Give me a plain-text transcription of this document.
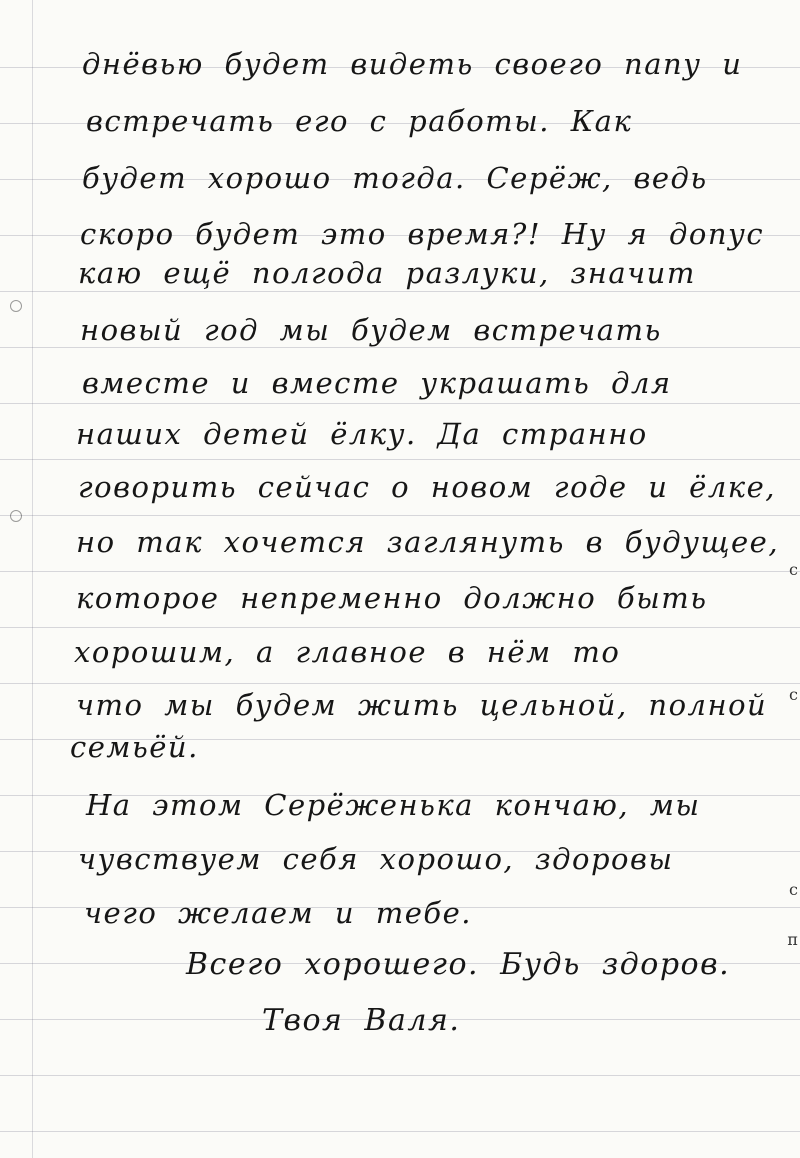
с
с
с
п
днёвью будет видеть своего папу и
встречать его с работы. Как
будет хорошо тогда. Серёж, ведь
скоро будет это время?! Ну я допус
каю ещё полгода разлуки, значит
новый год мы будем встречать
вместе и вместе украшать для
наших детей ёлку. Да странно
говорить сейчас о новом годе и ёлке,
но так хочется заглянуть в будущее,
которое непременно должно быть
хорошим, а главное в нём то
что мы будем жить цельной, полной
семьёй.
На этом Серёженька кончаю, мы
чувствуем себя хорошо, здоровы
чего желаем и тебе.
Всего хорошего. Будь здоров.
Твоя Валя.
